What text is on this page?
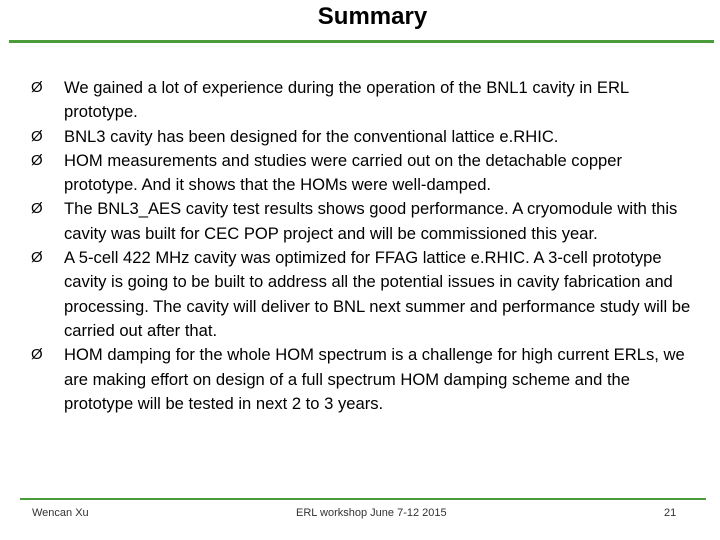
Summary
Ø We gained a lot of experience during the operation of the BNL1 cavity in ERL prototype.
Ø BNL3 cavity has been designed for the conventional lattice e.RHIC.
Ø HOM measurements and studies were carried out on the detachable copper prototype. And it shows that the HOMs were well-damped.
Ø The BNL3_AES cavity test results shows good performance. A cryomodule with this cavity was built for CEC POP project and will be commissioned this year.
Ø A 5-cell 422 MHz cavity was optimized for FFAG lattice e.RHIC. A 3-cell prototype cavity is going to be built to address all the potential issues in cavity fabrication and processing. The cavity will deliver to BNL next summer and performance study will be carried out after that.
Ø HOM damping for the whole HOM spectrum is a challenge for high current ERLs, we are making effort on design of a full spectrum HOM damping scheme and the prototype will be tested in next 2 to 3 years.
Wencan Xu	ERL workshop June 7-12 2015	21
